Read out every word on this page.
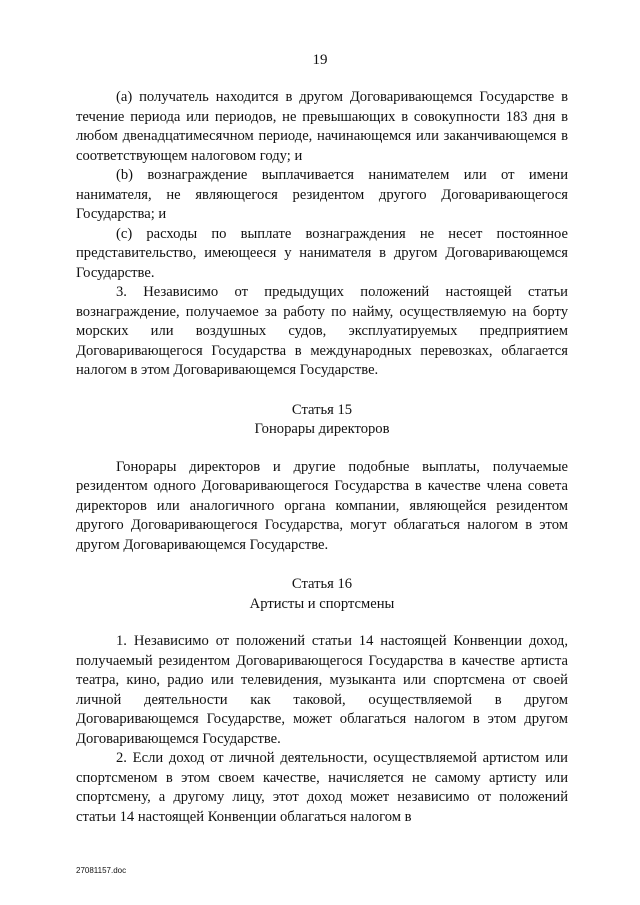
19

(а) получатель находится в другом Договаривающемся Государстве в течение периода или периодов, не превышающих в совокупности 183 дня в любом двенадцатимесячном периоде, начинающемся или заканчивающемся в соответствующем налоговом году; и

(b) вознаграждение выплачивается нанимателем или от имени нанимателя, не являющегося резидентом другого Договаривающегося Государства; и

(с) расходы по выплате вознаграждения не несет постоянное представительство, имеющееся у нанимателя в другом Договаривающемся Государстве.

3. Независимо от предыдущих положений настоящей статьи вознаграждение, получаемое за работу по найму, осуществляемую на борту морских или воздушных судов, эксплуатируемых предприятием Договаривающегося Государства в международных перевозках, облагается налогом в этом Договаривающемся Государстве.

Статья 15

Гонорары директоров

Гонорары директоров и другие подобные выплаты, получаемые резидентом одного Договаривающегося Государства в качестве члена совета директоров или аналогичного органа компании, являющейся резидентом другого Договаривающегося Государства, могут облагаться налогом в этом другом Договаривающемся Государстве.

Статья 16

Артисты и спортсмены

1. Независимо от положений статьи 14 настоящей Конвенции доход, получаемый резидентом Договаривающегося Государства в качестве артиста театра, кино, радио или телевидения, музыканта или спортсмена от своей личной деятельности как таковой, осуществляемой в другом Договаривающемся Государстве, может облагаться налогом в этом другом Договаривающемся Государстве.

2. Если доход от личной деятельности, осуществляемой артистом или спортсменом в этом своем качестве, начисляется не самому артисту или спортсмену, а другому лицу, этот доход может независимо от положений статьи 14 настоящей Конвенции облагаться налогом в

27081157.doc
